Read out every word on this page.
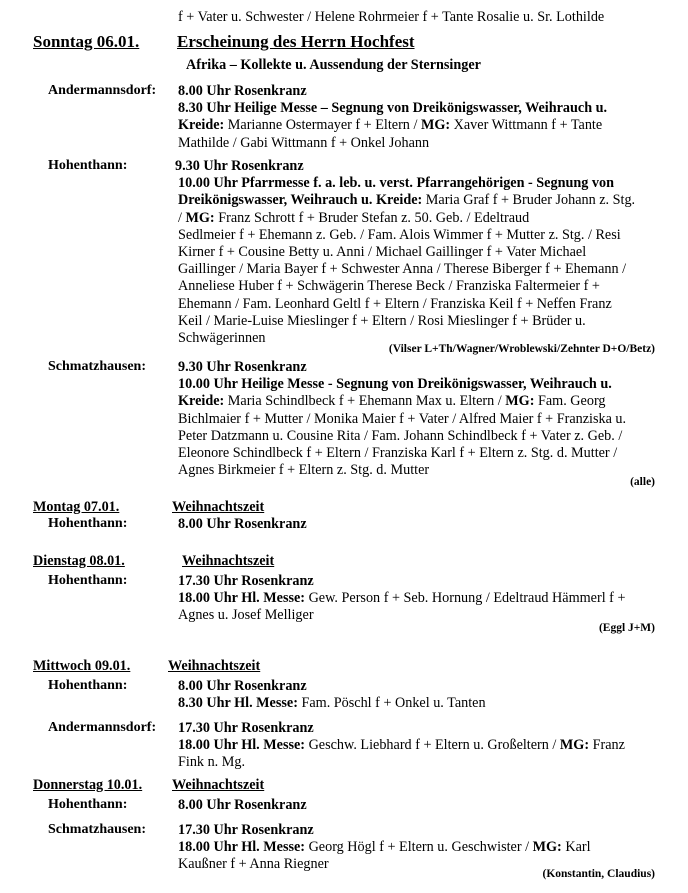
f + Vater u. Schwester / Helene Rohrmeier f + Tante Rosalie u. Sr. Lothilde
Sonntag 06.01. Erscheinung des Herrn Hochfest
Afrika – Kollekte u. Aussendung der Sternsinger
Andermannsdorf: 8.00 Uhr Rosenkranz
8.30 Uhr Heilige Messe – Segnung von Dreikönigswasser, Weihrauch u.
Kreide: Marianne Ostermayer f + Eltern / MG: Xaver Wittmann f + Tante
Mathilde / Gabi Wittmann f + Onkel Johann
Hohenthann:	9.30 Uhr Rosenkranz
10.00 Uhr Pfarrmesse f. a. leb. u. verst. Pfarrangehörigen - Segnung von
Dreikönigswasser, Weihrauch u. Kreide: Maria Graf f + Bruder Johann z. Stg.
/ MG: Franz Schrott f + Bruder Stefan z. 50. Geb. / Edeltraud
Sedlmeier f + Ehemann z. Geb. / Fam. Alois Wimmer f + Mutter z. Stg. / Resi
Kirner f + Cousine Betty u. Anni / Michael Gaillinger f + Vater Michael
Gaillinger / Maria Bayer f + Schwester Anna / Therese Biberger f + Ehemann /
Anneliese Huber f + Schwägerin Therese Beck / Franziska Faltermeier f +
Ehemann / Fam. Leonhard Geltl f + Eltern / Franziska Keil f + Neffen Franz
Keil / Marie-Luise Mieslinger f + Eltern / Rosi Mieslinger f + Brüder u.
Schwägerinnen
(Vilser L+Th/Wagner/Wroblewski/Zehnter D+O/Betz)
Schmatzhausen: 9.30 Uhr Rosenkranz
10.00 Uhr Heilige Messe - Segnung von Dreikönigswasser, Weihrauch u.
Kreide: Maria Schindlbeck f + Ehemann Max u. Eltern / MG: Fam. Georg
Bichlmaier f + Mutter / Monika Maier f + Vater / Alfred Maier f + Franziska u.
Peter Datzmann u. Cousine Rita / Fam. Johann Schindlbeck f + Vater z. Geb. /
Eleonore Schindlbeck f + Eltern / Franziska Karl f + Eltern z. Stg. d. Mutter /
Agnes Birkmeier f + Eltern z. Stg. d. Mutter
(alle)
Montag 07.01.	Weihnachtszeit
Hohenthann:	8.00 Uhr Rosenkranz
Dienstag 08.01.	Weihnachtszeit
Hohenthann:	17.30 Uhr Rosenkranz
18.00 Uhr Hl. Messe: Gew. Person f + Seb. Hornung / Edeltraud Hämmerl f +
Agnes u. Josef Melliger
(Eggl J+M)
Mittwoch 09.01.	Weihnachtszeit
Hohenthann:	8.00 Uhr Rosenkranz
8.30 Uhr Hl. Messe: Fam. Pöschl f + Onkel u. Tanten
Andermannsdorf: 17.30 Uhr Rosenkranz
18.00 Uhr Hl. Messe: Geschw. Liebhard f + Eltern u. Großeltern / MG: Franz
Fink n. Mg.
Donnerstag 10.01. Weihnachtszeit
Hohenthann:	8.00 Uhr Rosenkranz
Schmatzhausen: 17.30 Uhr Rosenkranz
18.00 Uhr Hl. Messe: Georg Högl f + Eltern u. Geschwister / MG: Karl
Kaußner f + Anna Riegner
(Konstantin, Claudius)
